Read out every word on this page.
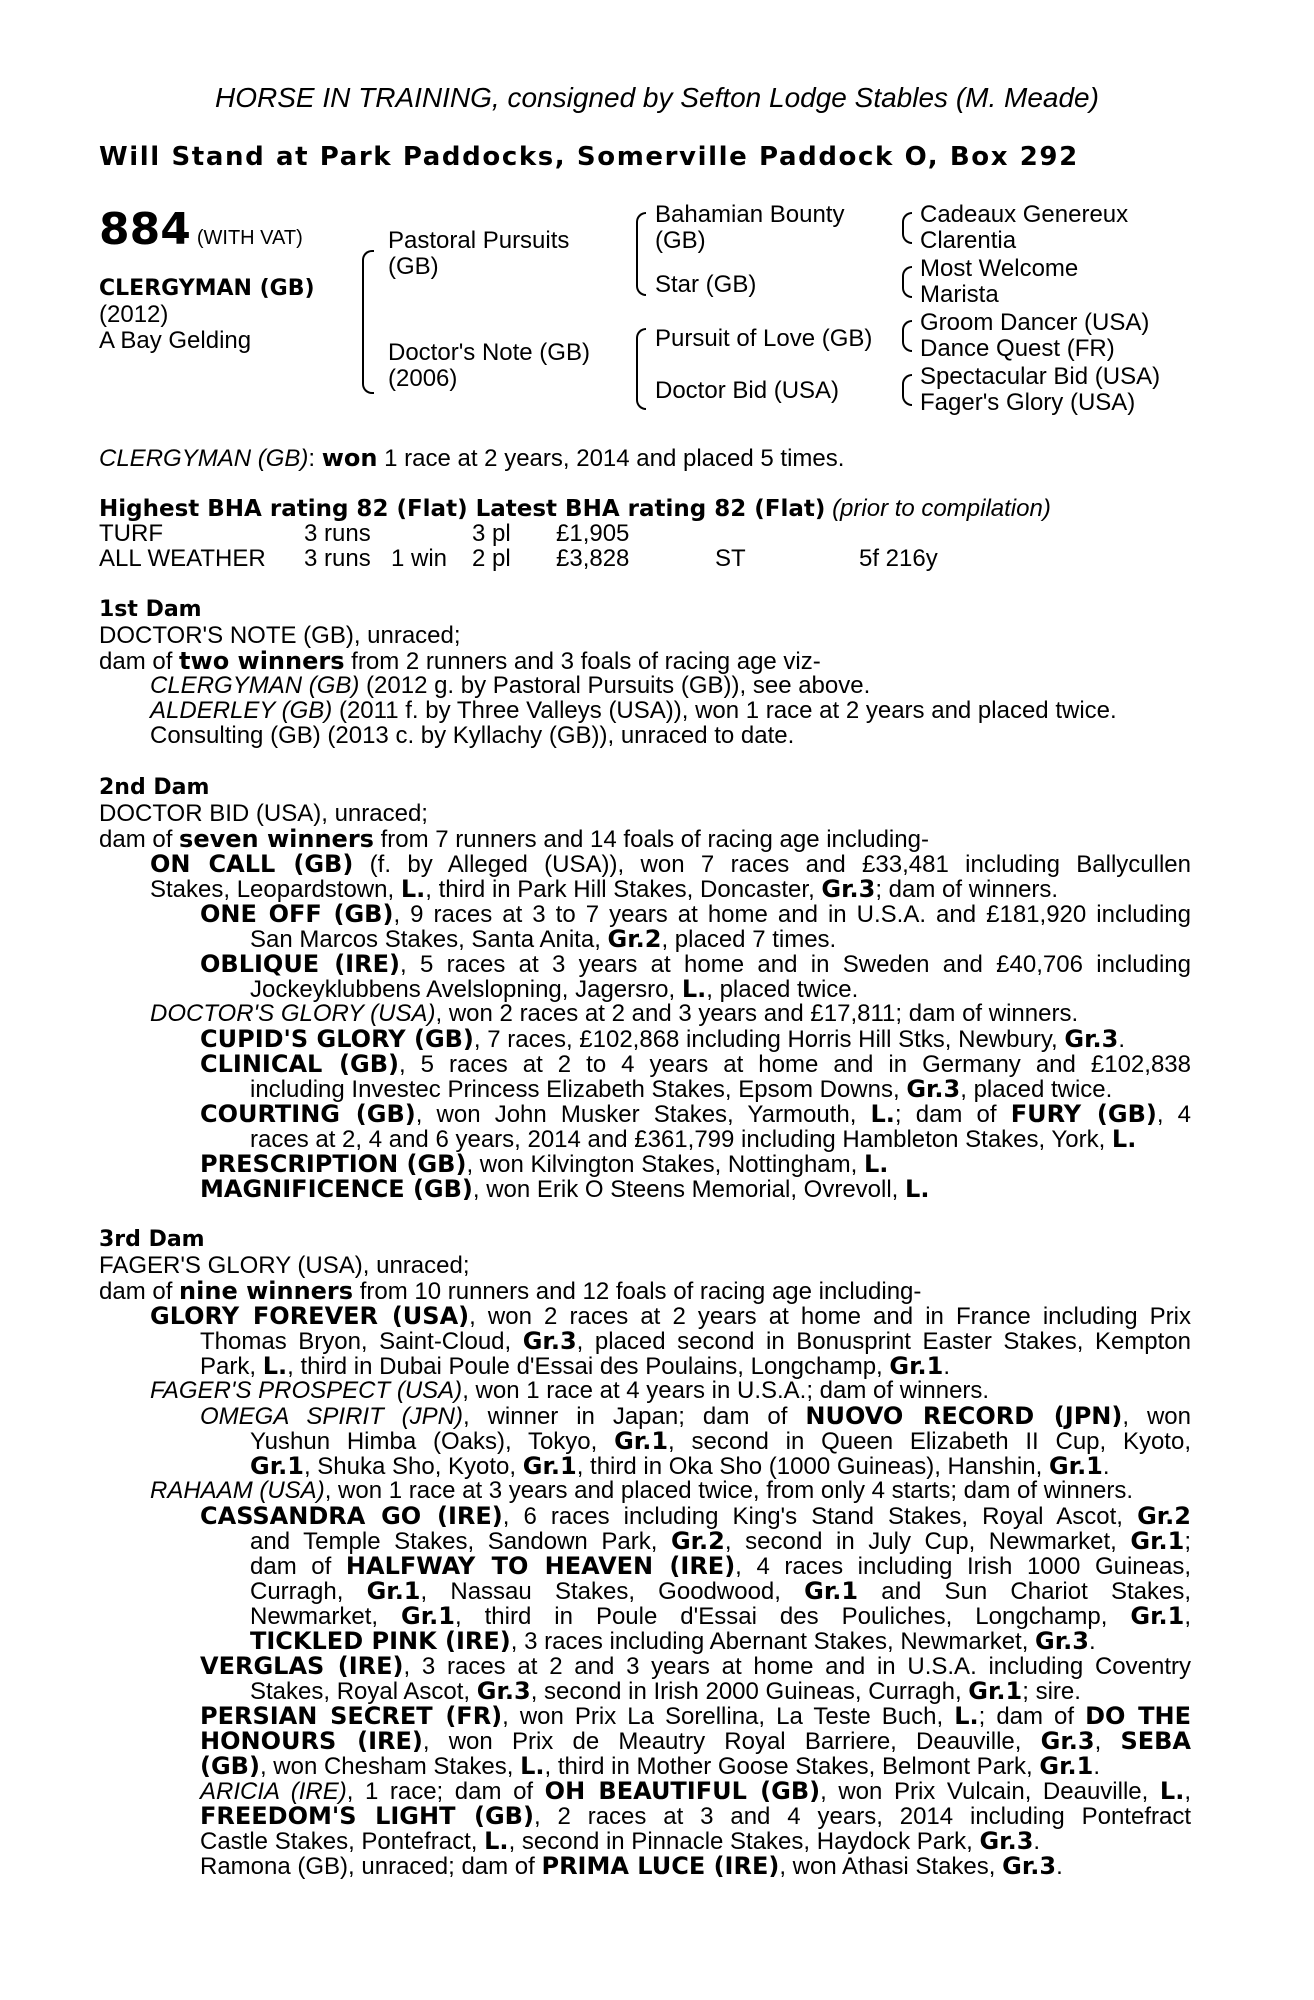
HORSE IN TRAINING, consigned by Sefton Lodge Stables (M. Meade)
Will Stand at Park Paddocks, Somerville Paddock O, Box 292
884 (WITH VAT)
CLERGYMAN (GB)
(2012)
A Bay Gelding
Pastoral Pursuits
(GB)
Doctor's Note (GB)
(2006)
Bahamian Bounty
(GB)
Star (GB)
Pursuit of Love (GB)
Doctor Bid (USA)
Cadeaux Genereux
Clarentia
Most Welcome
Marista
Groom Dancer (USA)
Dance Quest (FR)
Spectacular Bid (USA)
Fager's Glory (USA)
CLERGYMAN (GB): won 1 race at 2 years, 2014 and placed 5 times.
Highest BHA rating 82 (Flat) Latest BHA rating 82 (Flat) (prior to compilation)
TURF	3 runs	3 pl £1,905
ALL WEATHER 3 runs 1 win 2 pl £3,828	ST	5f 216y
1st Dam
DOCTOR'S NOTE (GB), unraced;
dam of two winners from 2 runners and 3 foals of racing age viz-
CLERGYMAN (GB) (2012 g. by Pastoral Pursuits (GB)), see above.
ALDERLEY (GB) (2011 f. by Three Valleys (USA)), won 1 race at 2 years and placed twice.
Consulting (GB) (2013 c. by Kyllachy (GB)), unraced to date.
2nd Dam
DOCTOR BID (USA), unraced;
dam of seven winners from 7 runners and 14 foals of racing age including-
ON CALL (GB) (f. by Alleged (USA)), won 7 races and £33,481 including Ballycullen
Stakes, Leopardstown, L., third in Park Hill Stakes, Doncaster, Gr.3; dam of winners.
ONE OFF (GB), 9 races at 3 to 7 years at home and in U.S.A. and £181,920 including
San Marcos Stakes, Santa Anita, Gr.2, placed 7 times.
OBLIQUE (IRE), 5 races at 3 years at home and in Sweden and £40,706 including
Jockeyklubbens Avelslopning, Jagersro, L., placed twice.
DOCTOR'S GLORY (USA), won 2 races at 2 and 3 years and £17,811; dam of winners.
CUPID'S GLORY (GB), 7 races, £102,868 including Horris Hill Stks, Newbury, Gr.3.
CLINICAL (GB), 5 races at 2 to 4 years at home and in Germany and £102,838
including Investec Princess Elizabeth Stakes, Epsom Downs, Gr.3, placed twice.
COURTING (GB), won John Musker Stakes, Yarmouth, L.; dam of FURY (GB), 4
races at 2, 4 and 6 years, 2014 and £361,799 including Hambleton Stakes, York, L.
PRESCRIPTION (GB), won Kilvington Stakes, Nottingham, L.
MAGNIFICENCE (GB), won Erik O Steens Memorial, Ovrevoll, L.
3rd Dam
FAGER'S GLORY (USA), unraced;
dam of nine winners from 10 runners and 12 foals of racing age including-
GLORY FOREVER (USA), won 2 races at 2 years at home and in France including Prix
Thomas Bryon, Saint-Cloud, Gr.3, placed second in Bonusprint Easter Stakes, Kempton
Park, L., third in Dubai Poule d'Essai des Poulains, Longchamp, Gr.1.
FAGER'S PROSPECT (USA), won 1 race at 4 years in U.S.A.; dam of winners.
OMEGA SPIRIT (JPN), winner in Japan; dam of NUOVO RECORD (JPN), won
Yushun Himba (Oaks), Tokyo, Gr.1, second in Queen Elizabeth II Cup, Kyoto,
Gr.1, Shuka Sho, Kyoto, Gr.1, third in Oka Sho (1000 Guineas), Hanshin, Gr.1.
RAHAAM (USA), won 1 race at 3 years and placed twice, from only 4 starts; dam of winners.
CASSANDRA GO (IRE), 6 races including King's Stand Stakes, Royal Ascot, Gr.2
and Temple Stakes, Sandown Park, Gr.2, second in July Cup, Newmarket, Gr.1;
dam of HALFWAY TO HEAVEN (IRE), 4 races including Irish 1000 Guineas,
Curragh, Gr.1, Nassau Stakes, Goodwood, Gr.1 and Sun Chariot Stakes,
Newmarket, Gr.1, third in Poule d'Essai des Pouliches, Longchamp, Gr.1,
TICKLED PINK (IRE), 3 races including Abernant Stakes, Newmarket, Gr.3.
VERGLAS (IRE), 3 races at 2 and 3 years at home and in U.S.A. including Coventry
Stakes, Royal Ascot, Gr.3, second in Irish 2000 Guineas, Curragh, Gr.1; sire.
PERSIAN SECRET (FR), won Prix La Sorellina, La Teste Buch, L.; dam of DO THE
HONOURS (IRE), won Prix de Meautry Royal Barriere, Deauville, Gr.3, SEBA
(GB), won Chesham Stakes, L., third in Mother Goose Stakes, Belmont Park, Gr.1.
ARICIA (IRE), 1 race; dam of OH BEAUTIFUL (GB), won Prix Vulcain, Deauville, L.,
FREEDOM'S LIGHT (GB), 2 races at 3 and 4 years, 2014 including Pontefract
Castle Stakes, Pontefract, L., second in Pinnacle Stakes, Haydock Park, Gr.3.
Ramona (GB), unraced; dam of PRIMA LUCE (IRE), won Athasi Stakes, Gr.3.
